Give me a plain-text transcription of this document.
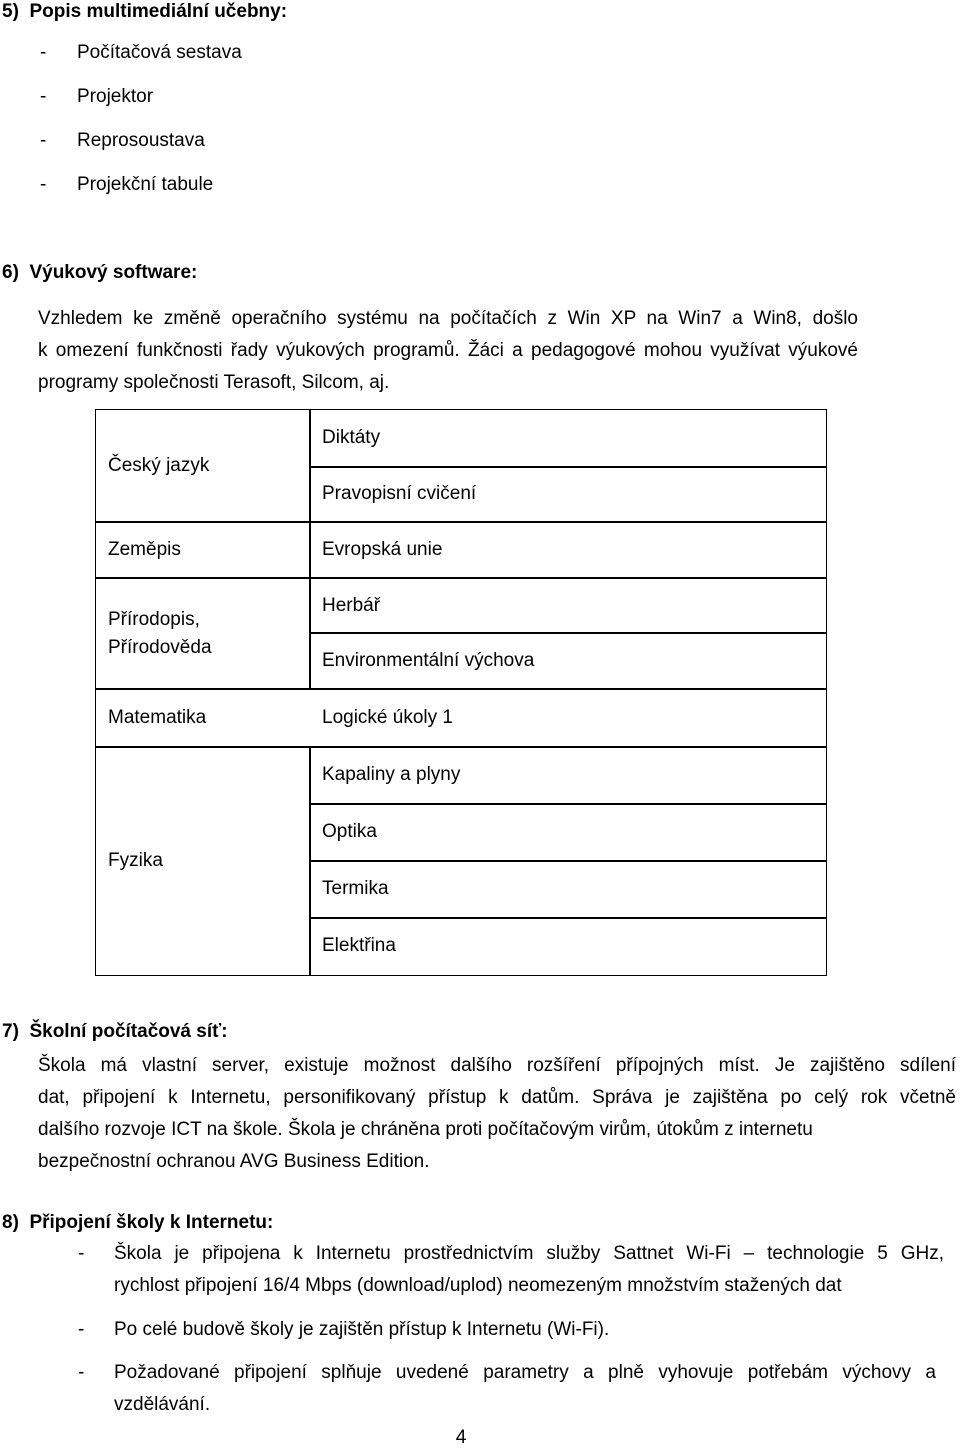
5)  Popis multimediální učebny:
- Počítačová sestava
- Projektor
- Reprosoustava
- Projekční tabule
6)  Výukový software:
Vzhledem ke změně operačního systému na počítačích z Win XP na Win7 a Win8, došlo
k omezení funkčnosti řady výukových programů. Žáci a pedagogové mohou využívat výukové
programy společnosti Terasoft, Silcom, aj.
Český jazyk
Diktáty
Pravopisní cvičení
Zeměpis	Evropská unie
Přírodopis,
Přírodověda
Herbář
Environmentální výchova
Matematika	Logické úkoly 1
Fyzika
Kapaliny a plyny
Optika
Termika
Elektřina
7)  Školní počítačová síť:
Škola má vlastní server, existuje možnost dalšího rozšíření přípojných míst. Je zajištěno sdílení
dat, připojení k Internetu, personifikovaný přístup k datům. Správa je zajištěna po celý rok včetně
dalšího rozvoje ICT na škole. Škola je chráněna proti počítačovým virům, útokům z internetu
bezpečnostní ochranou AVG Business Edition.
8)  Připojení školy k Internetu:
- Škola je připojena k Internetu prostřednictvím služby Sattnet Wi-Fi – technologie 5 GHz,
rychlost připojení 16/4 Mbps (download/uplod) neomezeným množstvím stažených dat
- Po celé budově školy je zajištěn přístup k Internetu (Wi-Fi).
- Požadované připojení splňuje uvedené parametry a plně vyhovuje potřebám výchovy a
vzdělávání.
4
